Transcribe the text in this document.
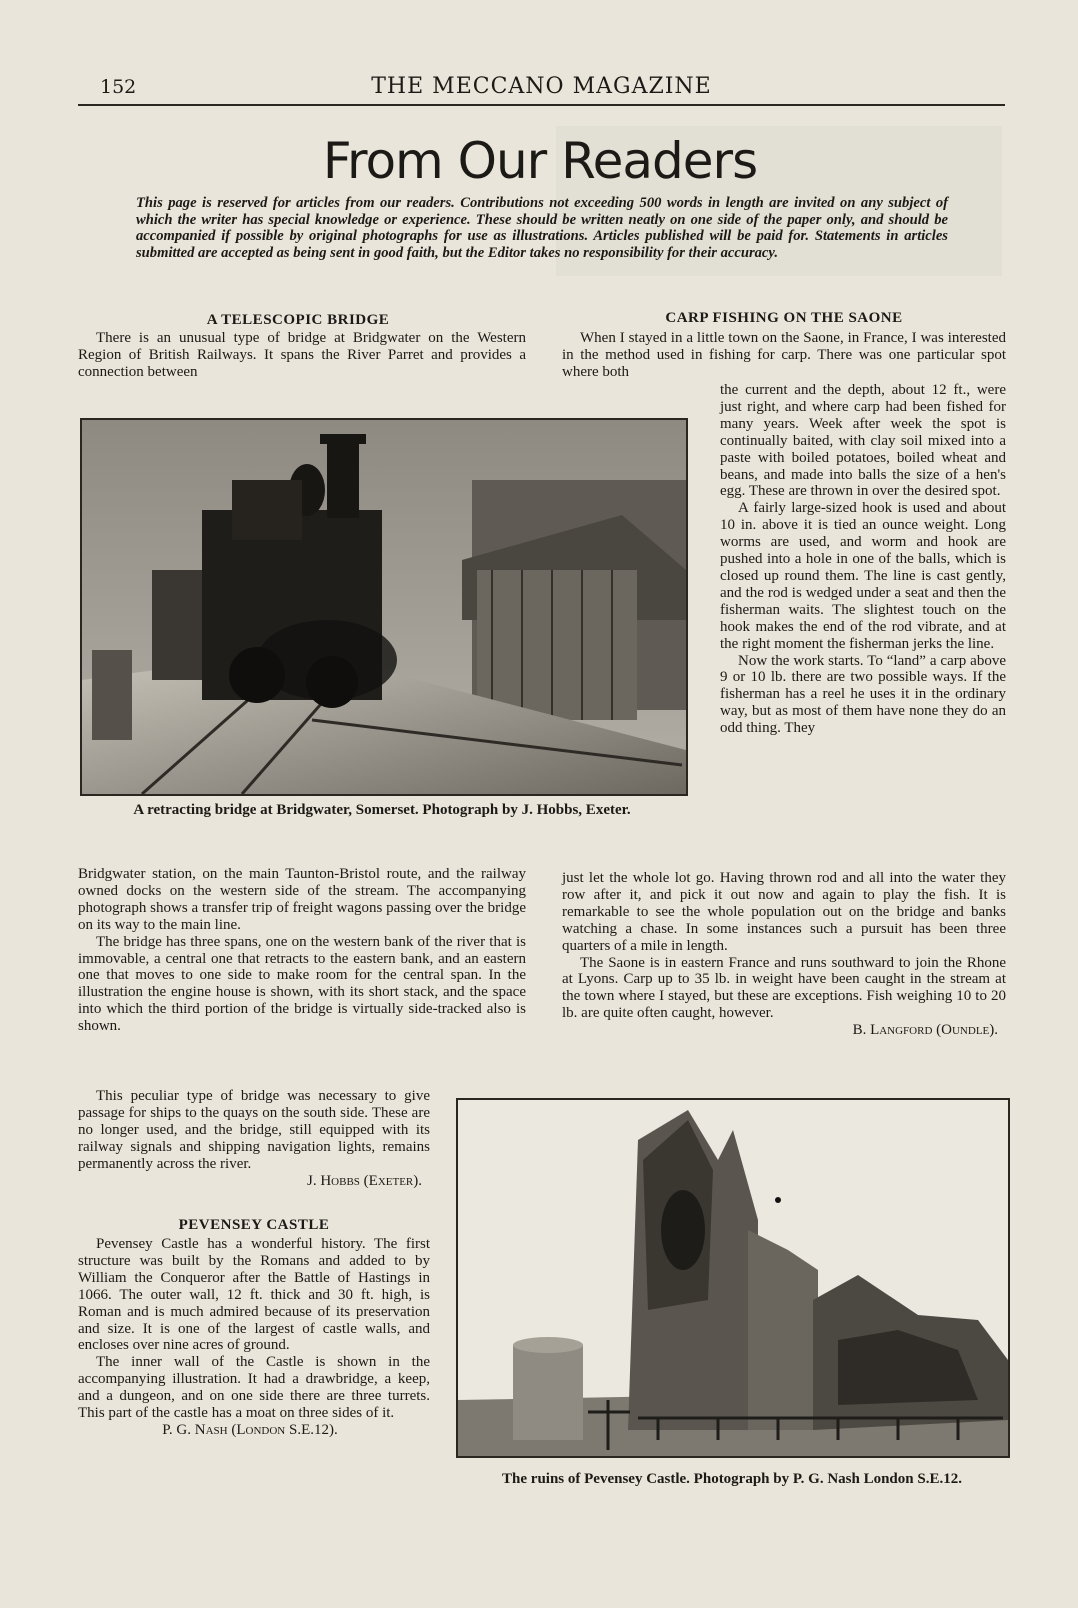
152	THE MECCANO MAGAZINE
From Our Readers
This page is reserved for articles from our readers. Contributions not exceeding 500 words in length are invited on any subject of which the writer has special knowledge or experience. These should be written neatly on one side of the paper only, and should be accompanied if possible by original photographs for use as illustrations. Articles published will be paid for. Statements in articles submitted are accepted as being sent in good faith, but the Editor takes no responsibility for their accuracy.
A TELESCOPIC BRIDGE

There is an unusual type of bridge at Bridgwater on the Western Region of British Railways. It spans the River Parret and provides a connection between

A retracting bridge at Bridgwater, Somerset. Photograph by J. Hobbs, Exeter.

Bridgwater station, on the main Taunton-Bristol route, and the railway owned docks on the western side of the stream. The accompanying photograph shows a transfer trip of freight wagons passing over the bridge on its way to the main line.

The bridge has three spans, one on the western bank of the river that is immovable, a central one that retracts to the eastern bank, and an eastern one that moves to one side to make room for the central span. In the illustration the engine house is shown, with its short stack, and the space into which the third portion of the bridge is virtually side-tracked also is shown.

This peculiar type of bridge was necessary to give passage for ships to the quays on the south side. These are no longer used, and the bridge, still equipped with its railway signals and shipping navigation lights, remains permanently across the river.

J. Hobbs (Exeter).
PEVENSEY CASTLE

Pevensey Castle has a wonderful history. The first structure was built by the Romans and added to by William the Conqueror after the Battle of Hastings in 1066. The outer wall, 12 ft. thick and 30 ft. high, is Roman and is much admired because of its preservation and size. It is one of the largest of castle walls, and encloses over nine acres of ground.

The inner wall of the Castle is shown in the accompanying illustration. It had a drawbridge, a keep, and a dungeon, and on one side there are three turrets. This part of the castle has a moat on three sides of it.

P. G. Nash (London S.E.12).
CARP FISHING ON THE SAONE

When I stayed in a little town on the Saone, in France, I was interested in the method used in fishing for carp. There was one particular spot where both

the current and the depth, about 12 ft., were just right, and where carp had been fished for many years. Week after week the spot is continually baited, with clay soil mixed into a paste with boiled potatoes, boiled wheat and beans, and made into balls the size of a hen's egg. These are thrown in over the desired spot.

A fairly large-sized hook is used and about 10 in. above it is tied an ounce weight. Long worms are used, and worm and hook are pushed into a hole in one of the balls, which is closed up round them. The line is cast gently, and the rod is wedged under a seat and then the fisherman waits. The slightest touch on the hook makes the end of the rod vibrate, and at the right moment the fisherman jerks the line.

Now the work starts. To “land” a carp above 9 or 10 lb. there are two possible ways. If the fisherman has a reel he uses it in the ordinary way, but as most of them have none they do an odd thing. They

just let the whole lot go. Having thrown rod and all into the water they row after it, and pick it out now and again to play the fish. It is remarkable to see the whole population out on the bridge and banks watching a chase. In some instances such a pursuit has been three quarters of a mile in length.

The Saone is in eastern France and runs southward to join the Rhone at Lyons. Carp up to 35 lb. in weight have been caught in the stream at the town where I stayed, but these are exceptions. Fish weighing 10 to 20 lb. are quite often caught, however.

B. Langford (Oundle).
The ruins of Pevensey Castle. Photograph by P. G. Nash London S.E.12.
